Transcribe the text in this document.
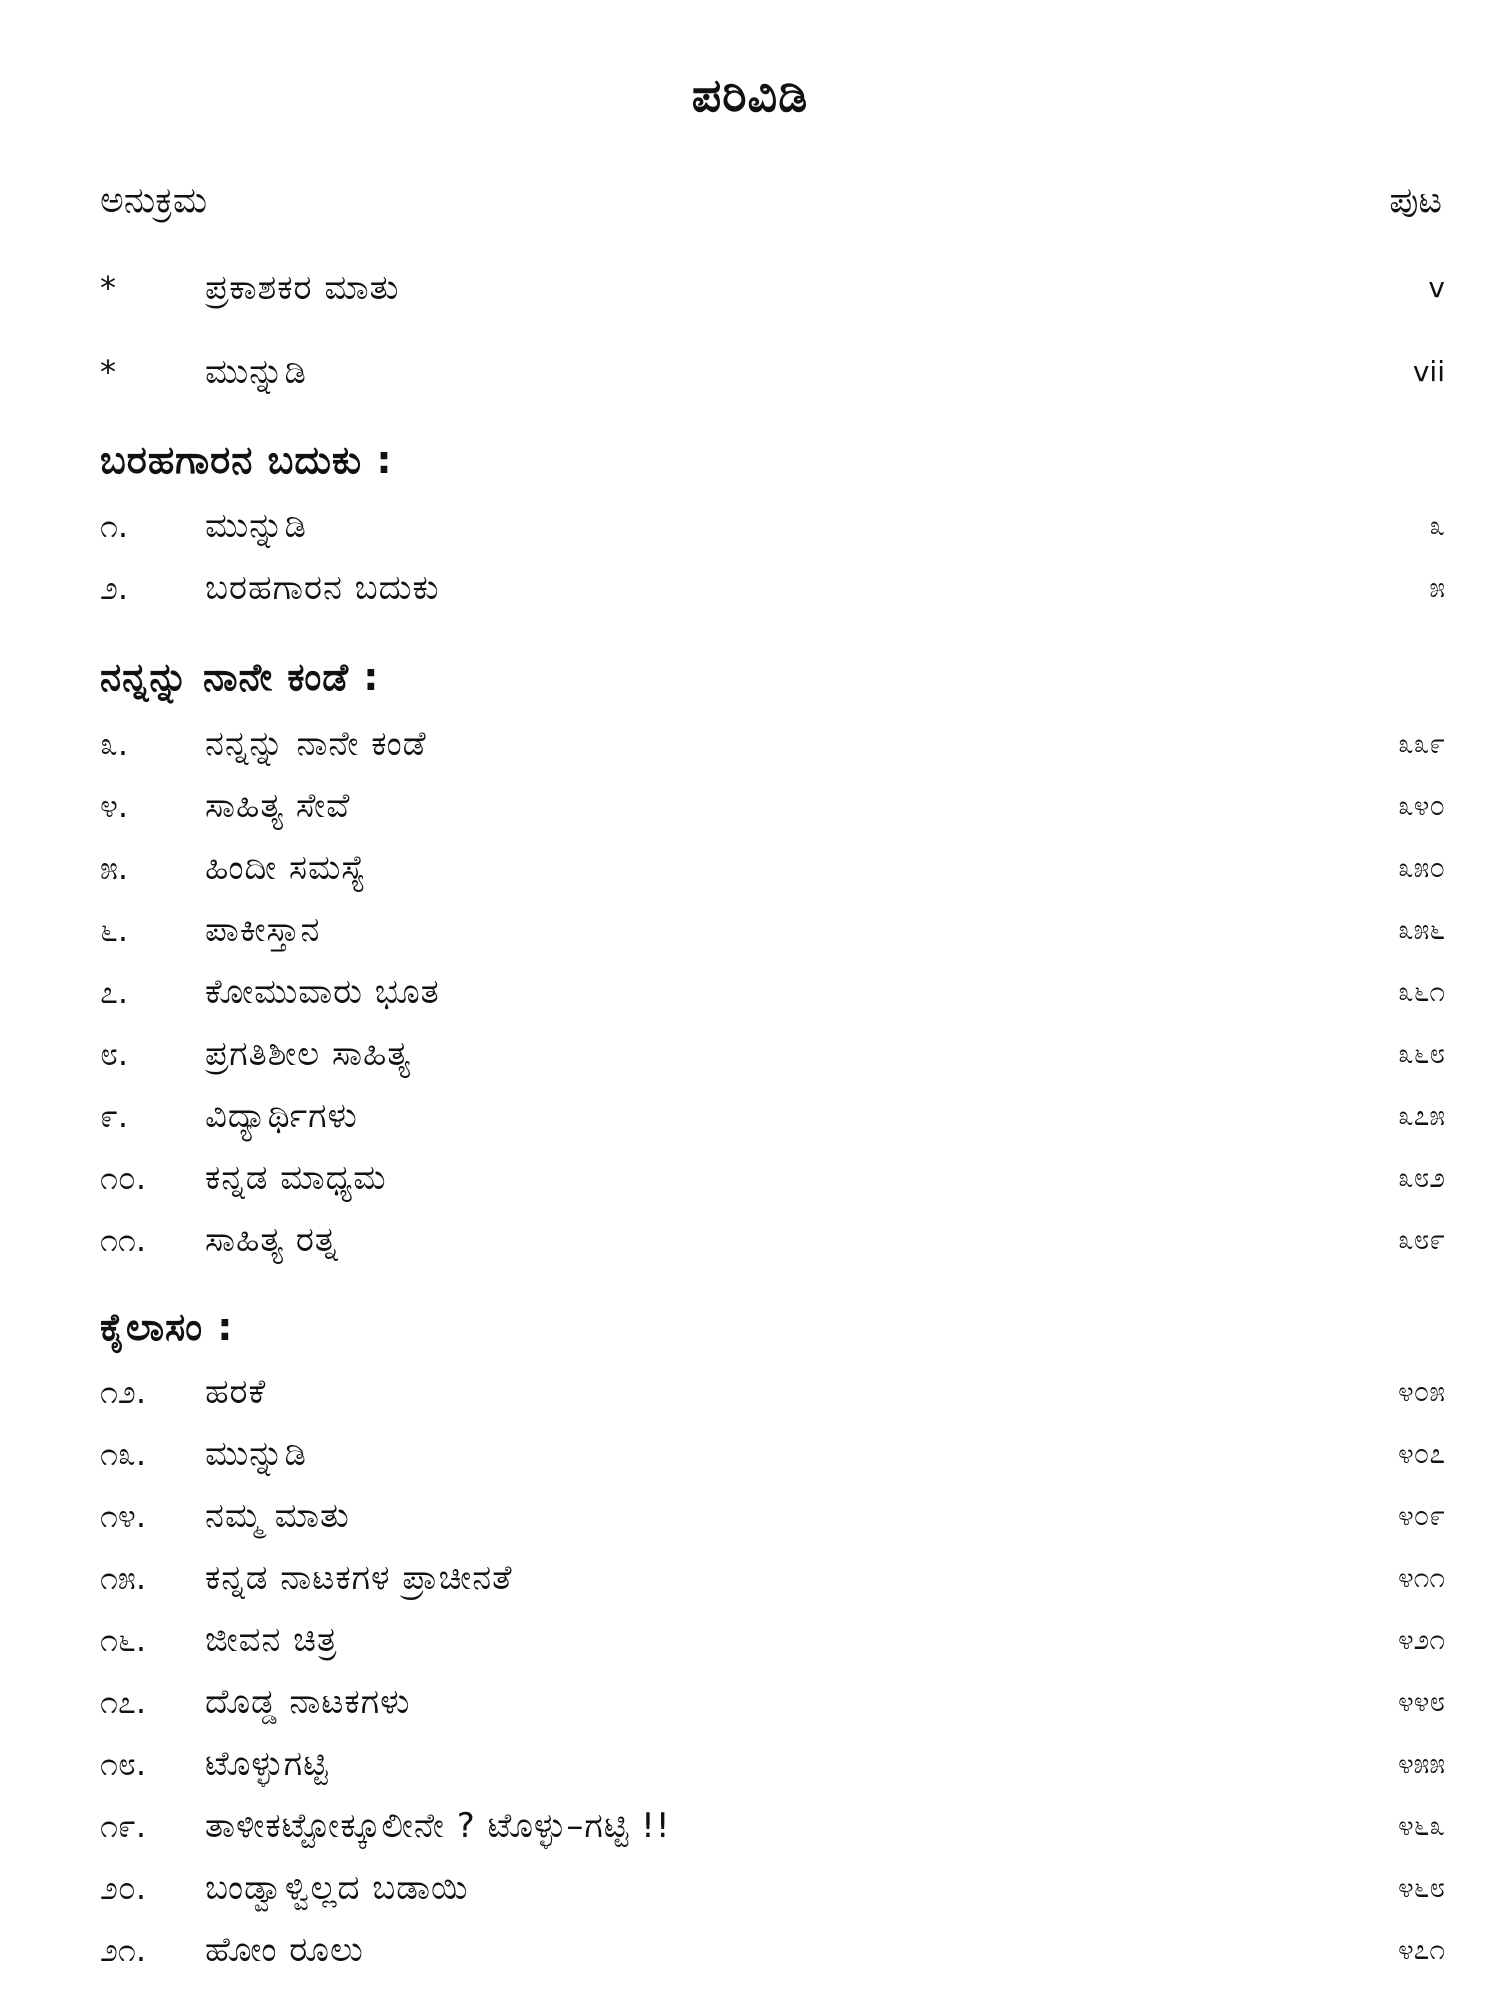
ಪರಿವಿಡಿ
ಅನುಕ್ರಮ	ಪುಟ
*	ಪ್ರಕಾಶಕರ ಮಾತು	v
*	ಮುನ್ನುಡಿ	vii
ಬರಹಗಾರನ ಬದುಕು :
೧. ಮುನ್ನುಡಿ	೩
೨. ಬರಹಗಾರನ ಬದುಕು	೫
ನನ್ನನ್ನು ನಾನೇ ಕಂಡೆ :
೩. ನನ್ನನ್ನು ನಾನೇ ಕಂಡೆ	೩೩೯
೪. ಸಾಹಿತ್ಯ ಸೇವೆ	೩೪೦
೫. ಹಿಂದೀ ಸಮಸ್ಯೆ	೩೫೦
೬. ಪಾಕೀಸ್ತಾನ	೩೫೬
೭. ಕೋಮುವಾರು ಭೂತ	೩೬೧
೮. ಪ್ರಗತಿಶೀಲ ಸಾಹಿತ್ಯ	೩೬೮
೯. ವಿದ್ಯಾರ್ಥಿಗಳು	೩೭೫
೧೦. ಕನ್ನಡ ಮಾಧ್ಯಮ	೩೮೨
೧೧. ಸಾಹಿತ್ಯ ರತ್ನ	೩೮೯
ಕೈಲಾಸಂ :
೧೨. ಹರಕೆ	೪೦೫
೧೩. ಮುನ್ನುಡಿ	೪೦೭
೧೪. ನಮ್ಮ ಮಾತು	೪೦೯
೧೫. ಕನ್ನಡ ನಾಟಕಗಳ ಪ್ರಾಚೀನತೆ	೪೧೧
೧೬. ಜೀವನ ಚಿತ್ರ	೪೨೧
೧೭. ದೊಡ್ಡ ನಾಟಕಗಳು	೪೪೮
೧೮. ಟೊಳ್ಳುಗಟ್ಟಿ	೪೫೫
೧೯. ತಾಳೀಕಟ್ಟೋಕ್ಕೂಲೀನೇ ? ಟೊಳ್ಳು–ಗಟ್ಟಿ !!	೪೬೩
೨೦. ಬಂಡ್ವಾಳ್ವಿಲ್ಲದ ಬಡಾಯಿ	೪೬೮
೨೧. ಹೋಂ ರೂಲು	೪೭೧
